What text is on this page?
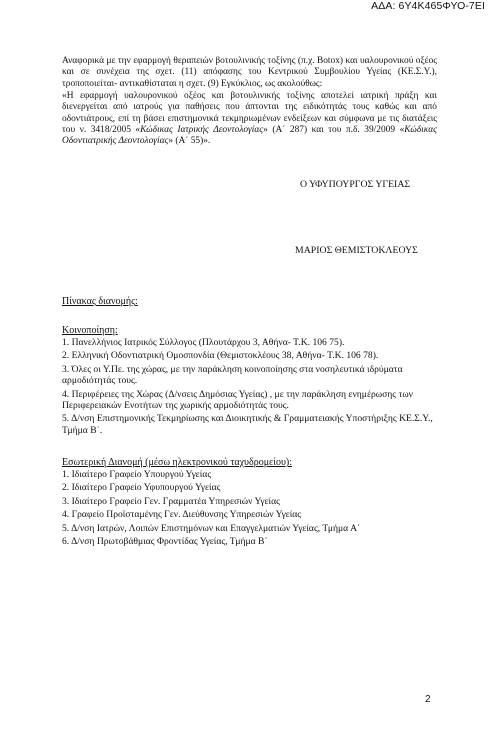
ΑΔΑ: 6Υ4Κ465ΦΥΟ-7ΕΙ
Αναφορικά με την εφαρμογή θεραπειών βοτουλινικής τοξίνης (π.χ. Botox) και υαλουρονικού οξέος και σε συνέχεια της σχετ. (11) απόφασης του Κεντρικού Συμβουλίου Υγείας (ΚΕ.Σ.Υ.), τροποποιείται- αντικαθίσταται η σχετ. (9) Εγκύκλιος, ως ακολούθως:
«Η εφαρμογή υαλουρονικού οξέος και βοτουλινικής τοξίνης αποτελεί ιατρική πράξη και διενεργείται από ιατρούς για παθήσεις που άπτονται της ειδικότητάς τους καθώς και από οδοντιάτρους, επί τη βάσει επιστημονικά τεκμηριωμένων ενδείξεων και σύμφωνα με τις διατάξεις του ν. 3418/2005 «Κώδικας Ιατρικής Δεοντολογίας» (Α΄ 287) και του π.δ. 39/2009 «Κώδικας Οδοντιατρικής Δεοντολογίας» (Α΄ 55)».
Ο ΥΦΥΠΟΥΡΓΟΣ ΥΓΕΙΑΣ
ΜΑΡΙΟΣ ΘΕΜΙΣΤΟΚΛΕΟΥΣ
Πίνακας διανομής:
Κοινοποίηση:
1. Πανελλήνιος Ιατρικός Σύλλογος (Πλουτάρχου 3, Αθήνα- Τ.Κ. 106 75).
2. Ελληνική Οδοντιατρική Ομοσπονδία (Θεμιστοκλέους 38, Αθήνα- Τ.Κ. 106 78).
3. Όλες οι Υ.Πε. της χώρας, με την παράκληση κοινοποίησης στα νοσηλευτικά ιδρύματα αρμοδιότητάς τους.
4. Περιφέρειες της Χώρας (Δ/νσεις Δημόσιας Υγείας) , με την παράκληση ενημέρωσης των Περιφερειακών Ενοτήτων της χωρικής αρμοδιότητάς τους.
5. Δ/νση Επιστημονικής Τεκμηρίωσης και Διοικητικής & Γραμματειακής Υποστήριξης ΚΕ.Σ.Υ., Τμήμα Β΄.
Εσωτερική Διανομή (μέσω ηλεκτρονικού ταχυδρομείου):
1. Ιδιαίτερο Γραφείο Υπουργού Υγείας
2. Ιδιαίτερο Γραφείο Υφυπουργού Υγείας
3. Ιδιαίτερο Γραφείο Γεν. Γραμματέα Υπηρεσιών Υγείας
4. Γραφείο Προϊσταμένης Γεν. Διεύθυνσης Υπηρεσιών Υγείας
5. Δ/νση Ιατρών, Λοιπών Επιστημόνων και Επαγγελματιών Υγείας, Τμήμα Α΄
6. Δ/νση Πρωτοβάθμιας Φροντίδας Υγείας, Τμήμα Β΄
2
